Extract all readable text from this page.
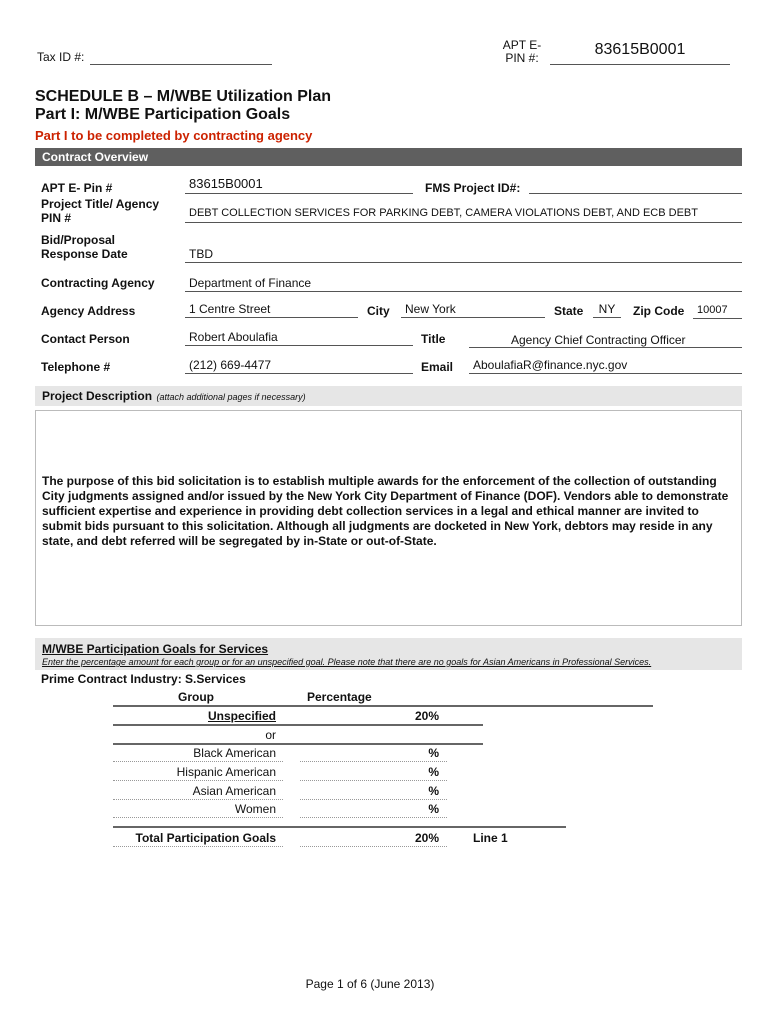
Tax ID #:
APT E-
PIN #:	83615B0001
SCHEDULE B – M/WBE Utilization Plan
Part I: M/WBE Participation Goals
Part I to be completed by contracting agency
Contract Overview
APT E- Pin #	83615B0001	FMS Project ID#:
Project Title/ Agency
PIN #	DEBT COLLECTION SERVICES FOR PARKING DEBT, CAMERA VIOLATIONS DEBT, AND ECB DEBT
Bid/Proposal
Response Date	TBD
Contracting Agency	Department of Finance
Agency Address	1 Centre Street	City	New York	State	NY	Zip Code	10007
Contact Person	Robert Aboulafia	Title	Agency Chief Contracting Officer
Telephone #	(212) 669-4477	Email	AboulafiaR@finance.nyc.gov
Project Description (attach additional pages if necessary)
The purpose of this bid solicitation is to establish multiple awards for the enforcement of the collection of outstanding City judgments assigned and/or issued by the New York City Department of Finance (DOF). Vendors able to demonstrate sufficient expertise and experience in providing debt collection services in a legal and ethical manner are invited to submit bids pursuant to this solicitation. Although all judgments are docketed in New York, debtors may reside in any state, and debt referred will be segregated by in-State or out-of-State.
M/WBE Participation Goals for Services
Enter the percentage amount for each group or for an unspecified goal. Please note that there are no goals for Asian Americans in Professional Services.
Prime Contract Industry: S.Services
Group	Percentage
Unspecified	20%
or
Black American	%
Hispanic American	%
Asian American	%
Women	%
Total Participation Goals	20%	Line 1
Page 1 of 6 (June 2013)
